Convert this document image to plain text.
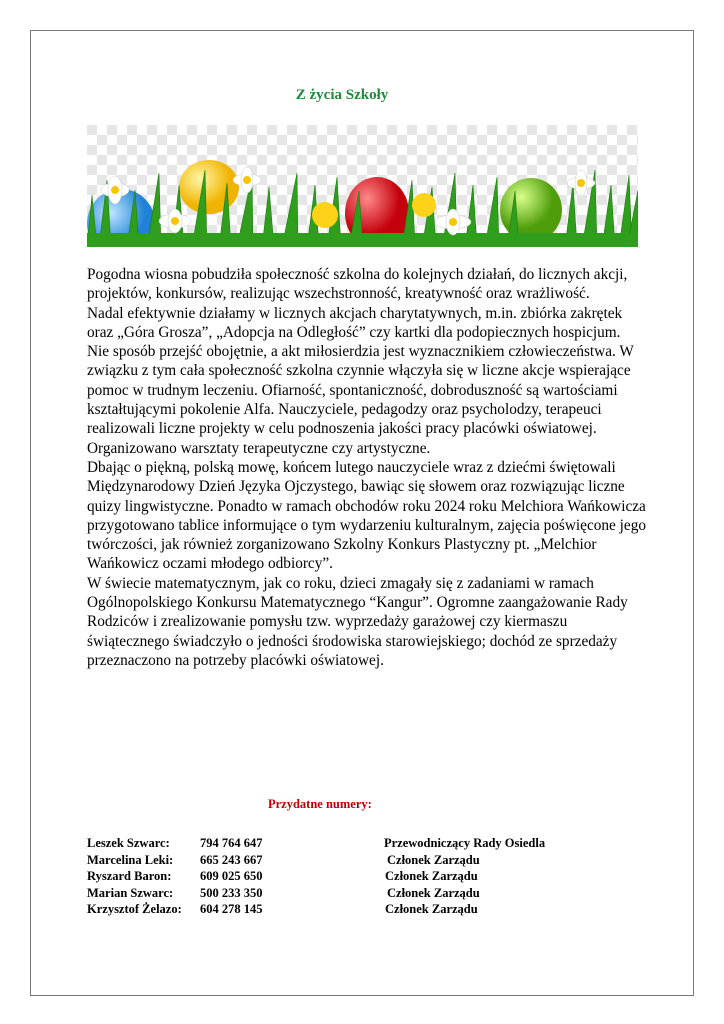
Z życia Szkoły

Pogodna wiosna pobudziła społeczność szkolna do kolejnych działań, do licznych akcji, projektów, konkursów, realizując wszechstronność, kreatywność oraz wrażliwość.

Nadal efektywnie działamy w licznych akcjach charytatywnych, m.in. zbiórka zakrętek oraz „Góra Grosza”, „Adopcja na Odległość” czy kartki dla podopiecznych hospicjum.

Nie sposób przejść obojętnie, a akt miłosierdzia jest wyznacznikiem człowieczeństwa. W związku z tym cała społeczność szkolna czynnie włączyła się w liczne akcje wspierające pomoc w trudnym leczeniu. Ofiarność, spontaniczność, dobroduszność są wartościami kształtującymi pokolenie Alfa. Nauczyciele, pedagodzy oraz psycholodzy, terapeuci realizowali liczne projekty w celu podnoszenia jakości pracy placówki oświatowej.

Organizowano warsztaty terapeutyczne czy artystyczne.

Dbając o piękną, polską mowę, końcem lutego nauczyciele wraz z dziećmi świętowali Międzynarodowy Dzień Języka Ojczystego, bawiąc się słowem oraz rozwiązując liczne quizy lingwistyczne. Ponadto w ramach obchodów roku 2024 roku Melchiora Wańkowicza przygotowano tablice informujące o tym wydarzeniu kulturalnym, zajęcia poświęcone jego twórczości, jak również zorganizowano Szkolny Konkurs Plastyczny pt. „Melchior Wańkowicz oczami młodego odbiorcy”.

W świecie matematycznym, jak co roku, dzieci zmagały się z zadaniami w ramach Ogólnopolskiego Konkursu Matematycznego “Kangur”. Ogromne zaangażowanie Rady Rodziców i zrealizowanie pomysłu tzw. wyprzedaży garażowej czy kiermaszu świątecznego świadczyło o jedności środowiska starowiejskiego; dochód ze sprzedaży przeznaczono na potrzeby placówki oświatowej.

Przydatne numery:
Leszek Szwarc: 794 764 647	Przewodniczący Rady Osiedla
Marcelina Leki: 665 243 667	Członek Zarządu
Ryszard Baron: 609 025 650	Członek Zarządu
Marian Szwarc: 500 233 350	Członek Zarządu
Krzysztof Żelazo: 604 278 145	Członek Zarządu
